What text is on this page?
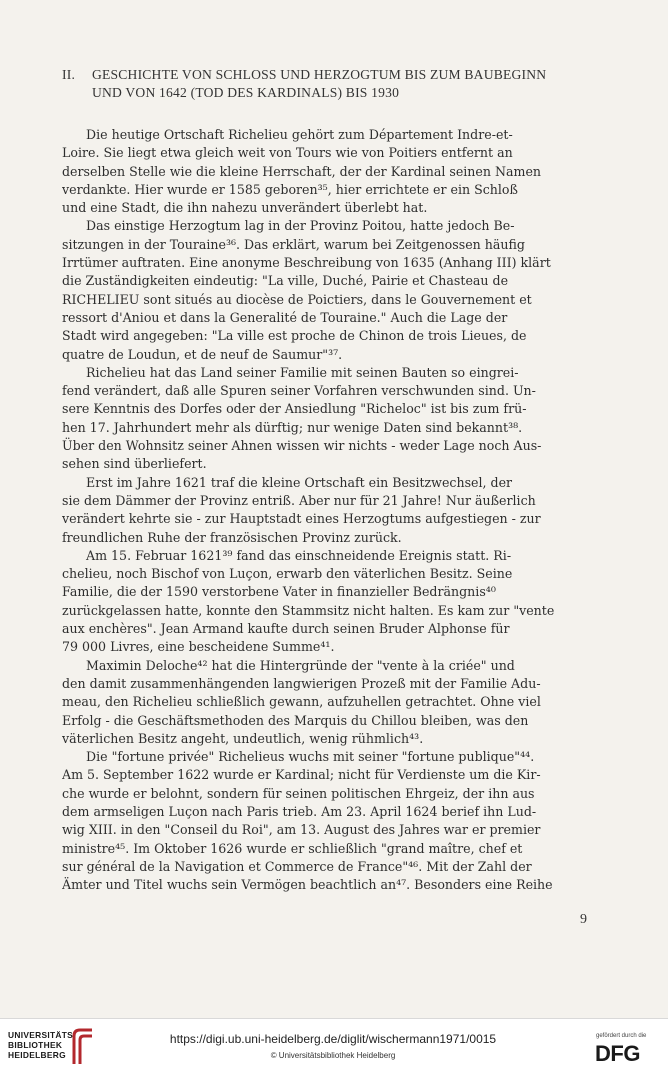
II. GESCHICHTE VON SCHLOSS UND HERZOGTUM BIS ZUM BAUBEGINN
UND VON 1642 (TOD DES KARDINALS) BIS 1930

Die heutige Ortschaft Richelieu gehört zum Département Indre-et-
Loire. Sie liegt etwa gleich weit von Tours wie von Poitiers entfernt an
derselben Stelle wie die kleine Herrschaft, der der Kardinal seinen Namen
verdankte. Hier wurde er 1585 geboren³⁵, hier errichtete er ein Schloß
und eine Stadt, die ihn nahezu unverändert überlebt hat.

Das einstige Herzogtum lag in der Provinz Poitou, hatte jedoch Be-
sitzungen in der Touraine³⁶. Das erklärt, warum bei Zeitgenossen häufig
Irrtümer auftraten. Eine anonyme Beschreibung von 1635 (Anhang III) klärt
die Zuständigkeiten eindeutig: "La ville, Duché, Pairie et Chasteau de
RICHELIEU sont situés au diocèse de Poictiers, dans le Gouvernement et
ressort d'Aniou et dans la Generalité de Touraine." Auch die Lage der
Stadt wird angegeben: "La ville est proche de Chinon de trois Lieues, de
quatre de Loudun, et de neuf de Saumur"³⁷.

Richelieu hat das Land seiner Familie mit seinen Bauten so eingrei-
fend verändert, daß alle Spuren seiner Vorfahren verschwunden sind. Un-
sere Kenntnis des Dorfes oder der Ansiedlung "Richeloc" ist bis zum frü-
hen 17. Jahrhundert mehr als dürftig; nur wenige Daten sind bekannt³⁸.
Über den Wohnsitz seiner Ahnen wissen wir nichts - weder Lage noch Aus-
sehen sind überliefert.

Erst im Jahre 1621 traf die kleine Ortschaft ein Besitzwechsel, der
sie dem Dämmer der Provinz entriß. Aber nur für 21 Jahre! Nur äußerlich
verändert kehrte sie - zur Hauptstadt eines Herzogtums aufgestiegen - zur
freundlichen Ruhe der französischen Provinz zurück.

Am 15. Februar 1621³⁹ fand das einschneidende Ereignis statt. Ri-
chelieu, noch Bischof von Luçon, erwarb den väterlichen Besitz. Seine
Familie, die der 1590 verstorbene Vater in finanzieller Bedrängnis⁴⁰
zurückgelassen hatte, konnte den Stammsitz nicht halten. Es kam zur "vente
aux enchères". Jean Armand kaufte durch seinen Bruder Alphonse für
79 000 Livres, eine bescheidene Summe⁴¹.

Maximin Deloche⁴² hat die Hintergründe der "vente à la criée" und
den damit zusammenhängenden langwierigen Prozeß mit der Familie Adu-
meau, den Richelieu schließlich gewann, aufzuhellen getrachtet. Ohne viel
Erfolg - die Geschäftsmethoden des Marquis du Chillou bleiben, was den
väterlichen Besitz angeht, undeutlich, wenig rühmlich⁴³.

Die "fortune privée" Richelieus wuchs mit seiner "fortune publique"⁴⁴.
Am 5. September 1622 wurde er Kardinal; nicht für Verdienste um die Kir-
che wurde er belohnt, sondern für seinen politischen Ehrgeiz, der ihn aus
dem armseligen Luçon nach Paris trieb. Am 23. April 1624 berief ihn Lud-
wig XIII. in den "Conseil du Roi", am 13. August des Jahres war er premier
ministre⁴⁵. Im Oktober 1626 wurde er schließlich "grand maître, chef et
sur général de la Navigation et Commerce de France"⁴⁶. Mit der Zahl der
Ämter und Titel wuchs sein Vermögen beachtlich an⁴⁷. Besonders eine Reihe

9
UNIVERSITÄTS-
BIBLIOTHEK
HEIDELBERG
https://digi.ub.uni-heidelberg.de/diglit/wischermann1971/0015
© Universitätsbibliothek Heidelberg
gefördert durch die
DFG
